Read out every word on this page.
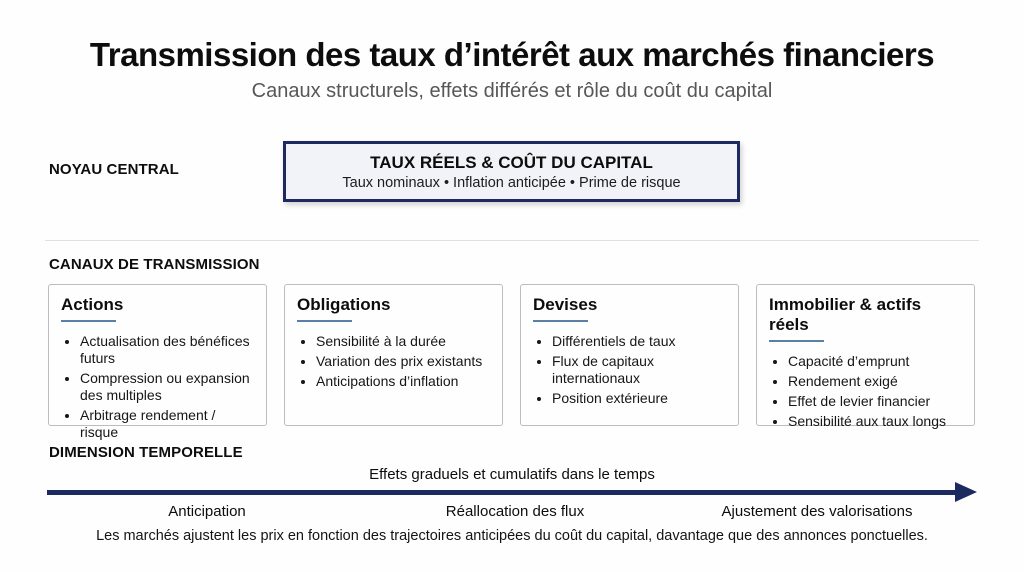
Transmission des taux d’intérêt aux marchés financiers
Canaux structurels, effets différés et rôle du coût du capital
NOYAU CENTRAL	TAUX RÉELS & COÛT DU CAPITAL
Taux nominaux • Inflation anticipée • Prime de risque
CANAUX DE TRANSMISSION
Actions
• Actualisation des bénéfices futurs
• Compression ou expansion des multiples
• Arbitrage rendement / risque
Obligations
• Sensibilité à la durée
• Variation des prix existants
• Anticipations d’inflation
Devises
• Différentiels de taux
• Flux de capitaux internationaux
• Position extérieure
Immobilier & actifs réels
• Capacité d’emprunt
• Rendement exigé
• Effet de levier financier
• Sensibilité aux taux longs
DIMENSION TEMPORELLE
Effets graduels et cumulatifs dans le temps
Anticipation	Réallocation des flux	Ajustement des valorisations
Les marchés ajustent les prix en fonction des trajectoires anticipées du coût du capital, davantage que des annonces ponctuelles.
